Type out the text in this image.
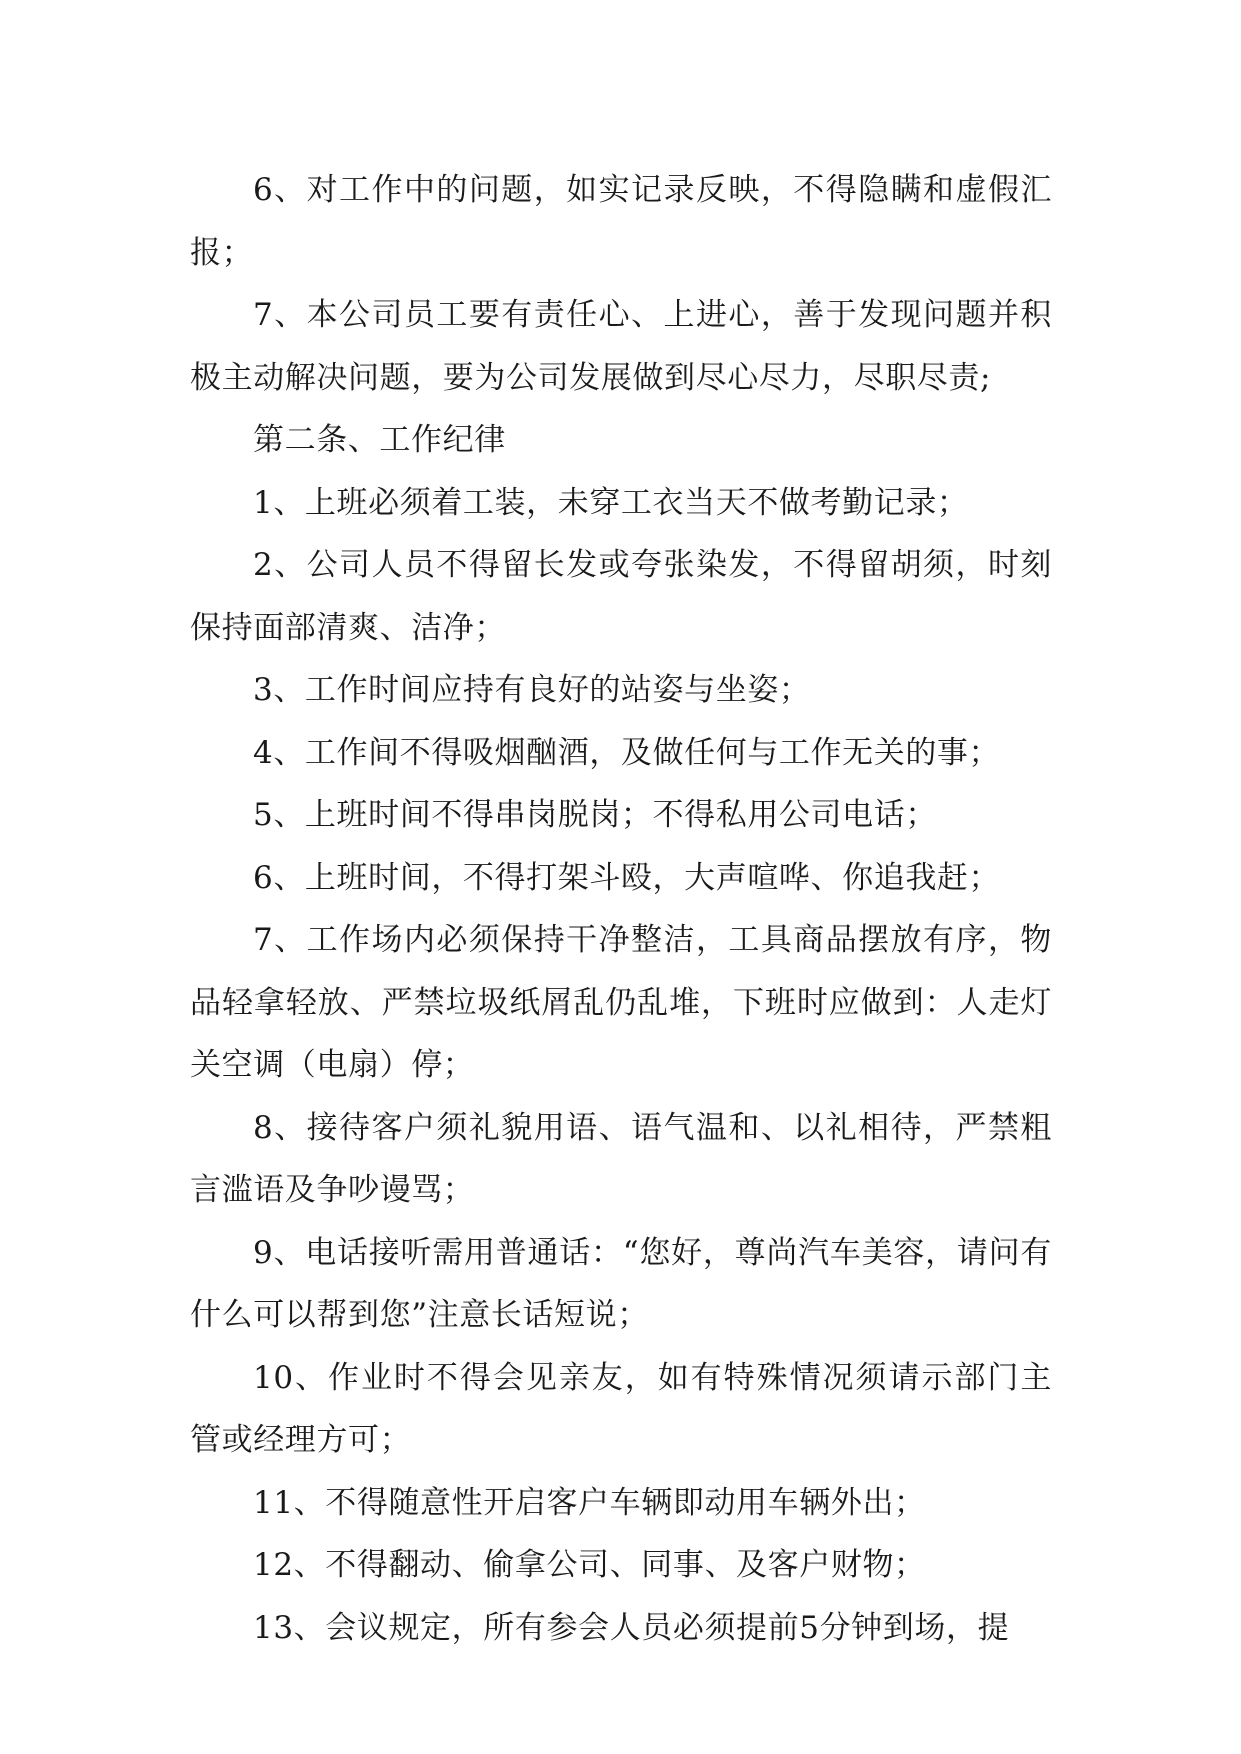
6、对工作中的问题，如实记录反映，不得隐瞒和虚假汇报；

7、本公司员工要有责任心、上进心，善于发现问题并积极主动解决问题，要为公司发展做到尽心尽力，尽职尽责;

第二条、工作纪律

1、上班必须着工装，未穿工衣当天不做考勤记录；

2、公司人员不得留长发或夸张染发，不得留胡须，时刻保持面部清爽、洁净；

3、工作时间应持有良好的站姿与坐姿；

4、工作间不得吸烟酗酒，及做任何与工作无关的事；

5、上班时间不得串岗脱岗；不得私用公司电话；

6、上班时间，不得打架斗殴，大声喧哗、你追我赶；

7、工作场内必须保持干净整洁，工具商品摆放有序，物品轻拿轻放、严禁垃圾纸屑乱仍乱堆，下班时应做到：人走灯关空调（电扇）停；

8、接待客户须礼貌用语、语气温和、以礼相待，严禁粗言滥语及争吵谩骂；

9、电话接听需用普通话：“您好，尊尚汽车美容，请问有什么可以帮到您”注意长话短说；

10、作业时不得会见亲友，如有特殊情况须请示部门主管或经理方可；

11、不得随意性开启客户车辆即动用车辆外出；

12、不得翻动、偷拿公司、同事、及客户财物；

13、会议规定，所有参会人员必须提前5分钟到场，提
